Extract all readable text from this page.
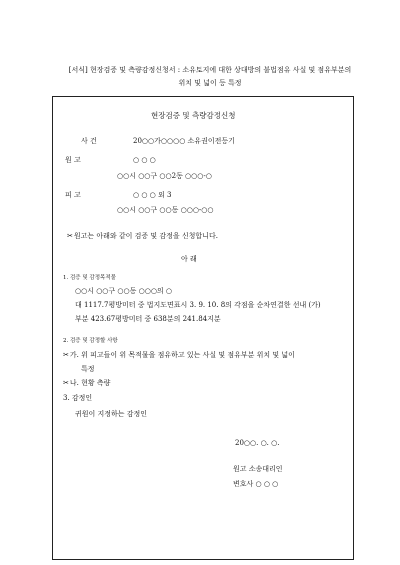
[서식] 현장검증 및 측량감정신청서 : 소유토지에 대한 상대방의 불법점유 사실 및 점유부분의
위치 및 넓이 등 특정
현장검증 및 측량감정신청
사 건	20○○가○○○○ 소유권이전등기
원 고	○ ○ ○
○○시 ○○구 ○○2동 ○○○-○
피 고	○ ○ ○ 외 3
○○시 ○○구 ○○동 ○○○-○○
✂원고는 아래와 같이 검증 및 감정을 신청합니다.
아 래
1. 검증 및 감정목적물
○○시 ○○구 ○○동 ○○○의 ○
대 1117.7평방미터 중 법지도면표시 3. 9. 10. 8의 각점을 순차연결한 선내 (가)
부분 423.67평방미터 중 638분의 241.84지분
2. 검증 및 감정할 사항
✂가. 위 피고들이 위 목적물을 점유하고 있는 사실 및 점유부분 위치 및 넓이
특정
✂나. 현황 측량
3. 감정인
귀원이 지정하는 감정인
20○○. ○. ○.
원고 소송대리인
변호사 ○ ○ ○
